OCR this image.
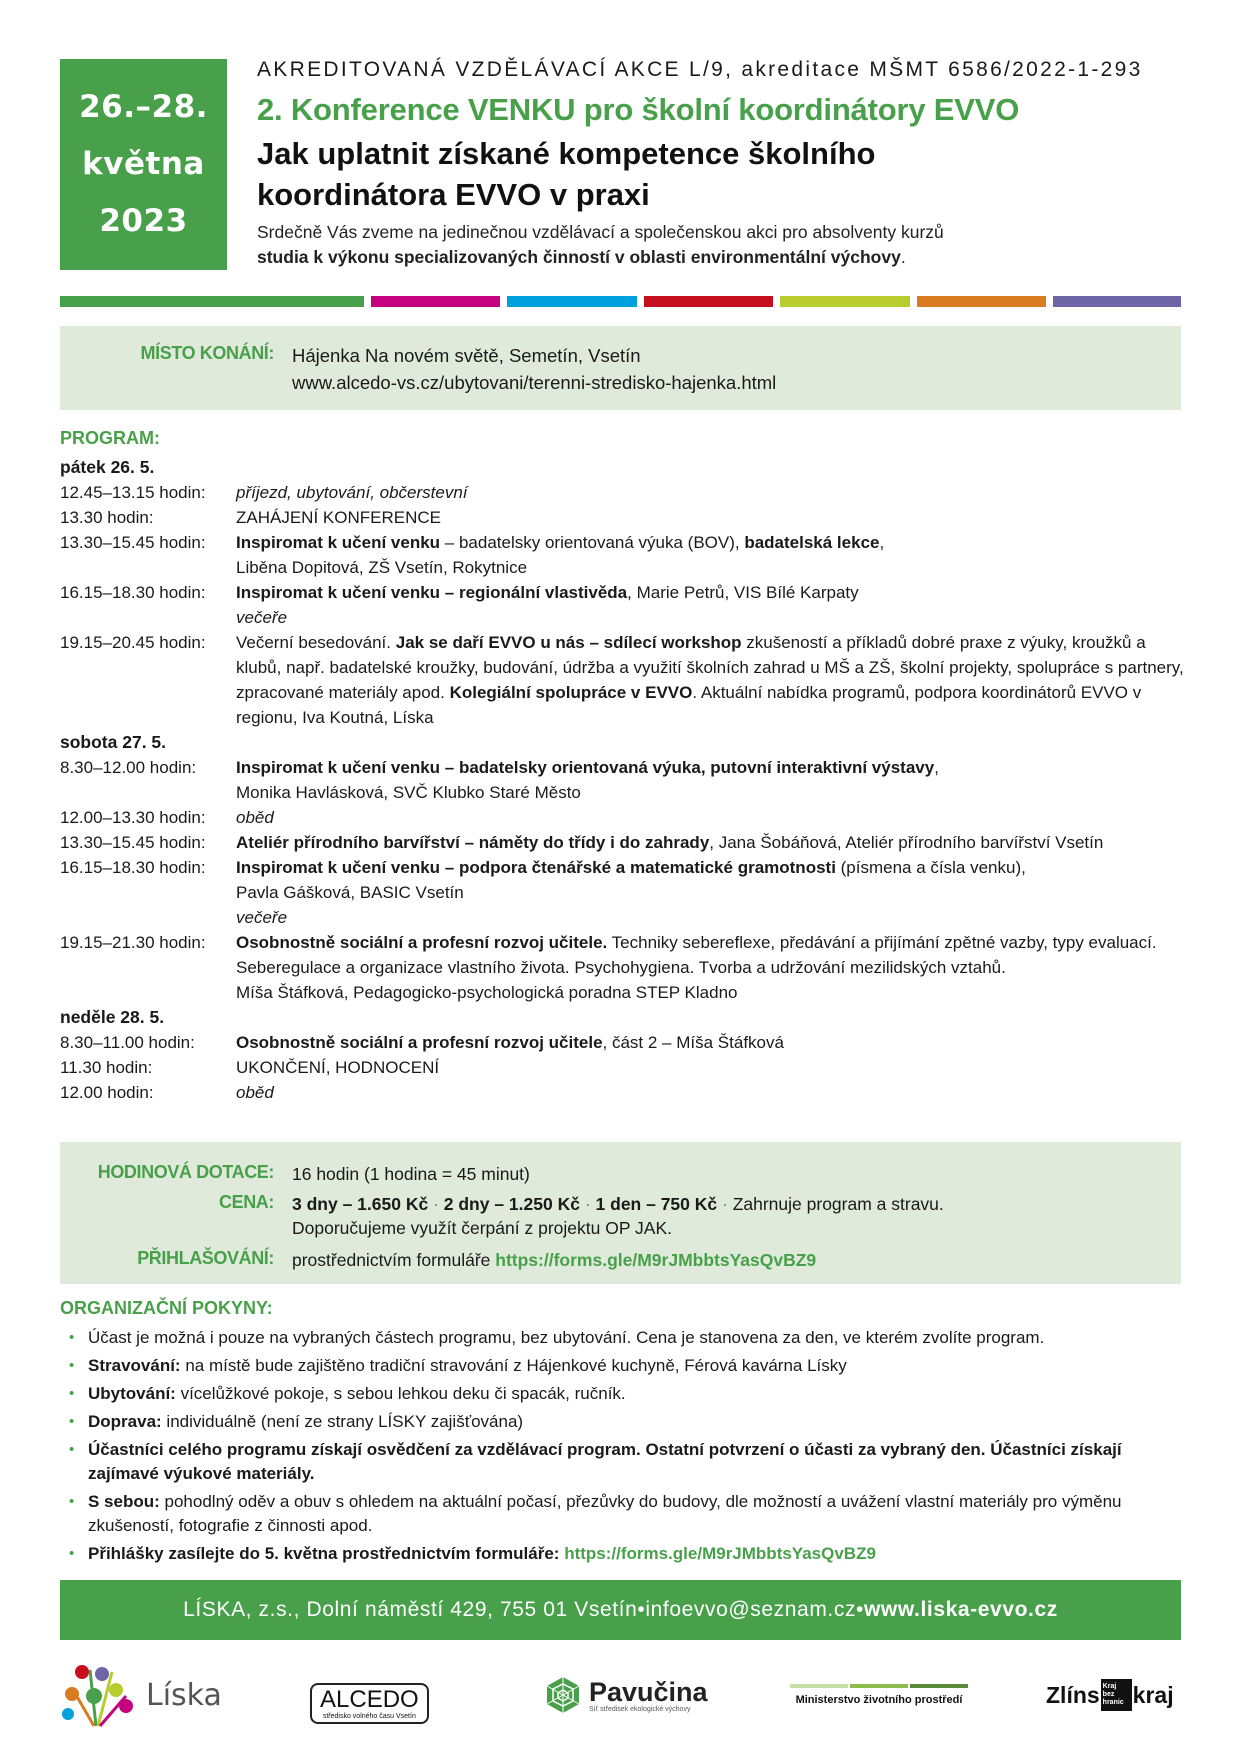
26.–28.
května
2023
AKREDITOVANÁ VZDĚLÁVACÍ AKCE L/9, akreditace MŠMT 6586/2022-1-293
2. Konference VENKU pro školní koordinátory EVVO
Jak uplatnit získané kompetence školního koordinátora EVVO v praxi
Srdečně Vás zveme na jedinečnou vzdělávací a společenskou akci pro absolventy kurzů
studia k výkonu specializovaných činností v oblasti environmentální výchovy.
MÍSTO KONÁNÍ: Hájenka Na novém světě, Semetín, Vsetín
www.alcedo-vs.cz/ubytovani/terenni-stredisko-hajenka.html
PROGRAM:
pátek 26. 5.
12.45–13.15 hodin:	příjezd, ubytování, občerstevní
13.30 hodin:	ZAHÁJENÍ KONFERENCE
13.30–15.45 hodin:	Inspiromat k učení venku – badatelsky orientovaná výuka (BOV), badatelská lekce,
Liběna Dopitová, ZŠ Vsetín, Rokytnice
16.15–18.30 hodin:	Inspiromat k učení venku – regionální vlastivěda, Marie Petrů, VIS Bílé Karpaty
večeře
19.15–20.45 hodin:	Večerní besedování. Jak se daří EVVO u nás – sdílecí workshop zkušeností a příkladů dobré praxe z výuky, kroužků a klubů, např. badatelské kroužky, budování, údržba a využití školních zahrad u MŠ a ZŠ, školní projekty, spolupráce s partnery, zpracované materiály apod. Kolegiální spolupráce v EVVO. Aktuální nabídka programů, podpora koordinátorů EVVO v regionu, Iva Koutná, Líska
sobota 27. 5.
8.30–12.00 hodin:	Inspiromat k učení venku – badatelsky orientovaná výuka, putovní interaktivní výstavy,
Monika Havlásková, SVČ Klubko Staré Město
12.00–13.30 hodin:	oběd
13.30–15.45 hodin:	Ateliér přírodního barvířství – náměty do třídy i do zahrady, Jana Šobáňová, Ateliér přírodního barvířství Vsetín
16.15–18.30 hodin:	Inspiromat k učení venku – podpora čtenářské a matematické gramotnosti (písmena a čísla venku),
Pavla Gášková, BASIC Vsetín
večeře
19.15–21.30 hodin:	Osobnostně sociální a profesní rozvoj učitele. Techniky sebereflexe, předávání a přijímání zpětné vazby, typy evaluací. Seberegulace a organizace vlastního života. Psychohygiena. Tvorba a udržování mezilidských vztahů.
Míša Štáfková, Pedagogicko-psychologická poradna STEP Kladno
neděle 28. 5.
8.30–11.00 hodin:	Osobnostně sociální a profesní rozvoj učitele, část 2 – Míša Štáfková
11.30 hodin:	UKONČENÍ, HODNOCENÍ
12.00 hodin:	oběd
HODINOVÁ DOTACE: 16 hodin (1 hodina = 45 minut)
CENA: 3 dny – 1.650 Kč · 2 dny – 1.250 Kč · 1 den – 750 Kč · Zahrnuje program a stravu.
Doporučujeme využít čerpání z projektu OP JAK.
PŘIHLAŠOVÁNÍ: prostřednictvím formuláře https://forms.gle/M9rJMbbtsYasQvBZ9
ORGANIZAČNÍ POKYNY:
• Účast je možná i pouze na vybraných částech programu, bez ubytování. Cena je stanovena za den, ve kterém zvolíte program.
• Stravování: na místě bude zajištěno tradiční stravování z Hájenkové kuchyně, Férová kavárna Lísky
• Ubytování: vícelůžkové pokoje, s sebou lehkou deku či spacák, ručník.
• Doprava: individuálně (není ze strany LÍSKY zajišťována)
• Účastníci celého programu získají osvědčení za vzdělávací program. Ostatní potvrzení o účasti za vybraný den. Účastníci získají zajímavé výukové materiály.
• S sebou: pohodlný oděv a obuv s ohledem na aktuální počasí, přezůvky do budovy, dle možností a uvážení vlastní materiály pro výměnu zkušeností, fotografie z činnosti apod.
• Přihlášky zasílejte do 5. května prostřednictvím formuláře: https://forms.gle/M9rJMbbtsYasQvBZ9
LÍSKA, z.s., Dolní náměstí 429, 755 01 Vsetín • infoevvo@seznam.cz • www.liska-evvo.cz
Líska	ALCEDO
středisko volného času Vsetín
Pavučina
Síť středisek ekologické výchovy
Ministerstvo životního prostředí	Zlíns Kraj bez hranic kraj
